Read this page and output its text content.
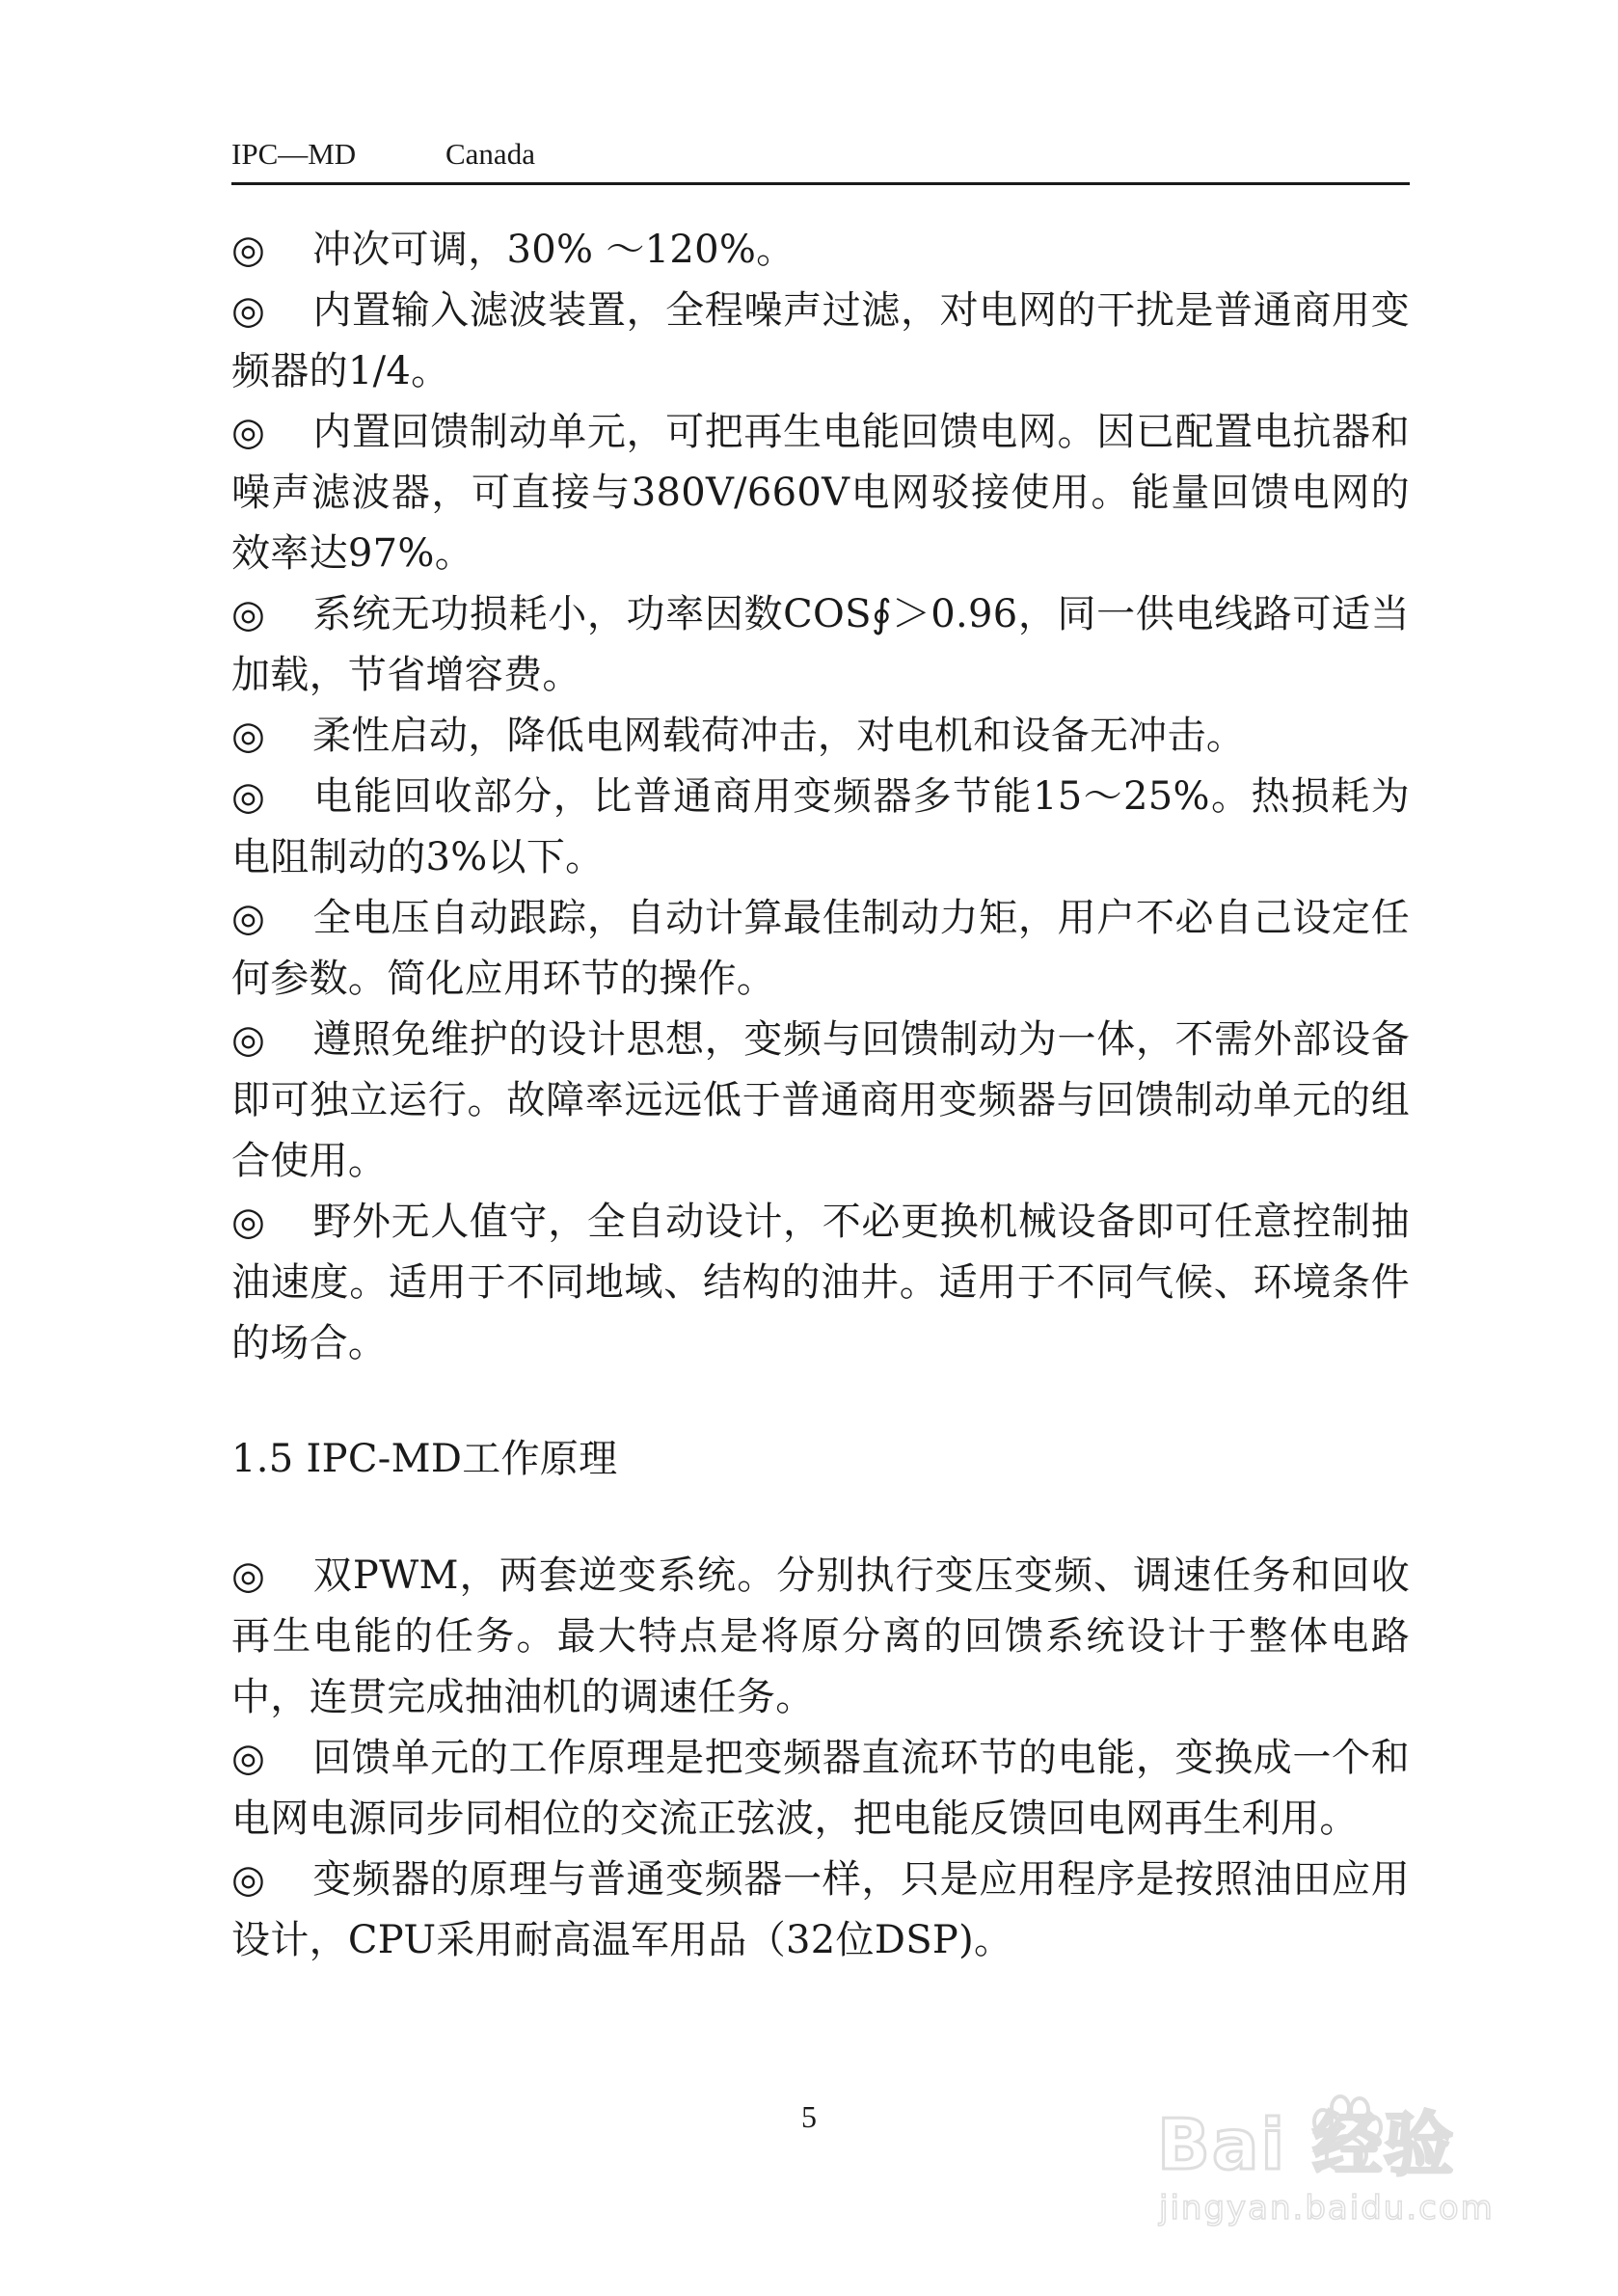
IPC—MD	Canada

◎ 冲次可调，30% ～120%。

◎ 内置输入滤波装置，全程噪声过滤，对电网的干扰是普通商用变频器的1/4。

◎ 内置回馈制动单元，可把再生电能回馈电网。因已配置电抗器和噪声滤波器，可直接与380V/660V电网驳接使用。能量回馈电网的效率达97%。

◎ 系统无功损耗小，功率因数COS∮＞0.96，同一供电线路可适当加载，节省增容费。

◎ 柔性启动，降低电网载荷冲击，对电机和设备无冲击。

◎ 电能回收部分，比普通商用变频器多节能15～25%。热损耗为电阻制动的3%以下。

◎ 全电压自动跟踪，自动计算最佳制动力矩，用户不必自己设定任何参数。简化应用环节的操作。

◎ 遵照免维护的设计思想，变频与回馈制动为一体，不需外部设备即可独立运行。故障率远远低于普通商用变频器与回馈制动单元的组合使用。

◎ 野外无人值守，全自动设计，不必更换机械设备即可任意控制抽油速度。适用于不同地域、结构的油井。适用于不同气候、环境条件的场合。

1.5 IPC-MD工作原理

◎ 双PWM，两套逆变系统。分别执行变压变频、调速任务和回收再生电能的任务。最大特点是将原分离的回馈系统设计于整体电路中，连贯完成抽油机的调速任务。

◎ 回馈单元的工作原理是把变频器直流环节的电能，变换成一个和电网电源同步同相位的交流正弦波，把电能反馈回电网再生利用。

◎ 变频器的原理与普通变频器一样，只是应用程序是按照油田应用设计，CPU采用耐高温军用品（32位DSP)。

5	Bai 经验
jingyan.baidu.com
